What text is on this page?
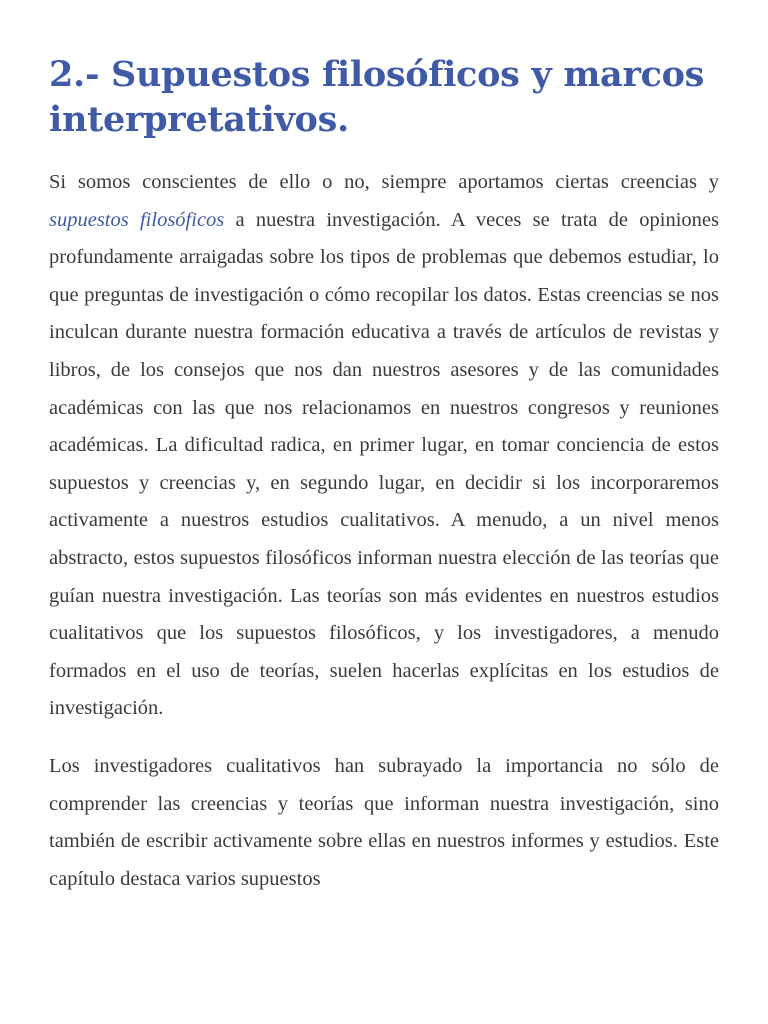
2.- Supuestos filosóficos y marcos interpretativos.

Si somos conscientes de ello o no, siempre aportamos ciertas creencias y supuestos filosóficos a nuestra investigación. A veces se trata de opiniones profundamente arraigadas sobre los tipos de problemas que debemos estudiar, lo que preguntas de investigación o cómo recopilar los datos. Estas creencias se nos inculcan durante nuestra formación educativa a través de artículos de revistas y libros, de los consejos que nos dan nuestros asesores y de las comunidades académicas con las que nos relacionamos en nuestros congresos y reuniones académicas. La dificultad radica, en primer lugar, en tomar conciencia de estos supuestos y creencias y, en segundo lugar, en decidir si los incorporaremos activamente a nuestros estudios cualitativos. A menudo, a un nivel menos abstracto, estos supuestos filosóficos informan nuestra elección de las teorías que guían nuestra investigación. Las teorías son más evidentes en nuestros estudios cualitativos que los supuestos filosóficos, y los investigadores, a menudo formados en el uso de teorías, suelen hacerlas explícitas en los estudios de investigación.

Los investigadores cualitativos han subrayado la importancia no sólo de comprender las creencias y teorías que informan nuestra investigación, sino también de escribir activamente sobre ellas en nuestros informes y estudios. Este capítulo destaca varios supuestos
